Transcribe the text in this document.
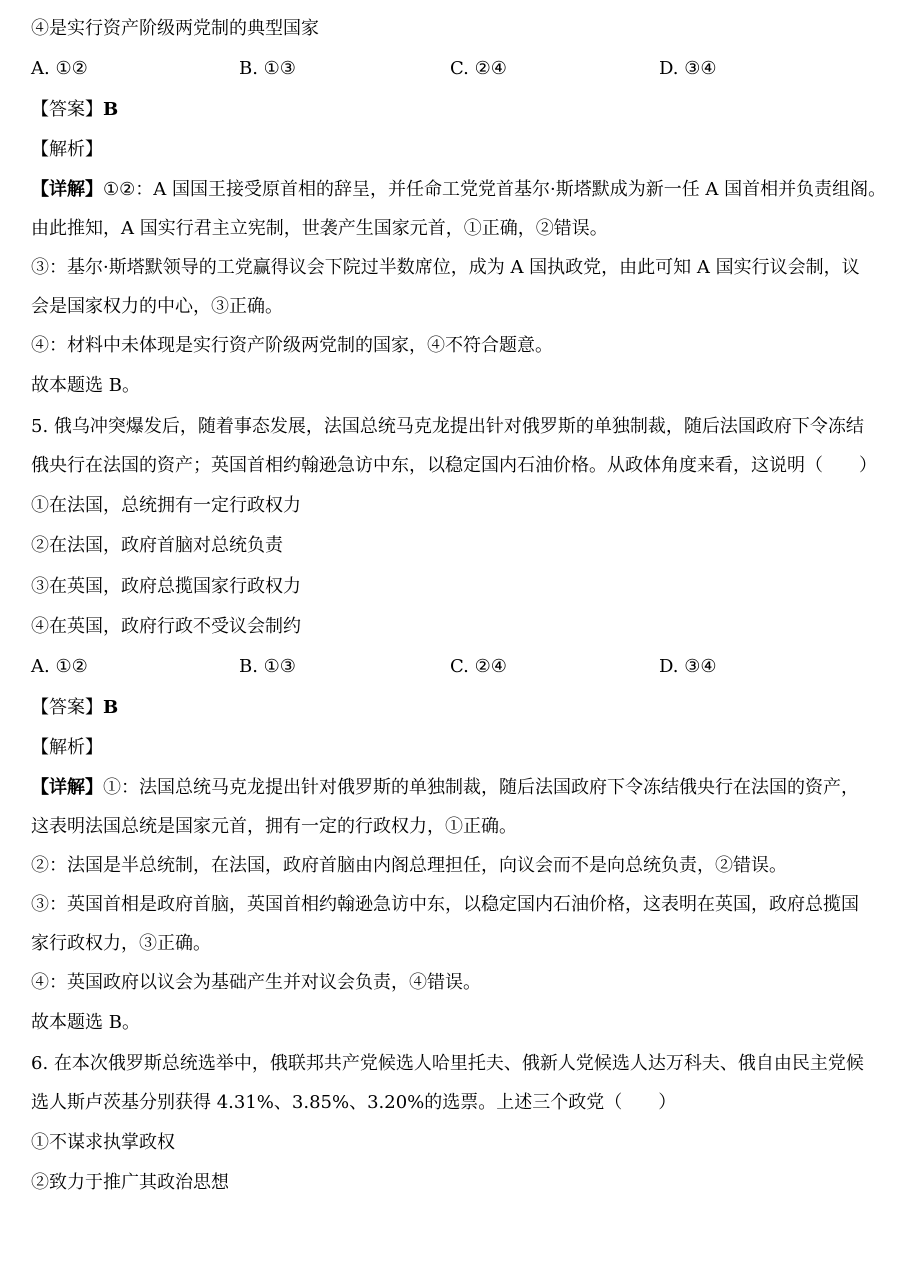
④是实行资产阶级两党制的典型国家
A. ①②	B. ①③	C. ②④	D. ③④
【答案】B
【解析】
【详解】①②：A 国国王接受原首相的辞呈，并任命工党党首基尔·斯塔默成为新一任 A 国首相并负责组阁。
由此推知，A 国实行君主立宪制，世袭产生国家元首，①正确，②错误。
③：基尔·斯塔默领导的工党赢得议会下院过半数席位，成为 A 国执政党，由此可知 A 国实行议会制，议
会是国家权力的中心，③正确。
④：材料中未体现是实行资产阶级两党制的国家，④不符合题意。
故本题选 B。
5. 俄乌冲突爆发后，随着事态发展，法国总统马克龙提出针对俄罗斯的单独制裁，随后法国政府下令冻结
俄央行在法国的资产；英国首相约翰逊急访中东，以稳定国内石油价格。从政体角度来看，这说明（　　）
①在法国，总统拥有一定行政权力
②在法国，政府首脑对总统负责
③在英国，政府总揽国家行政权力
④在英国，政府行政不受议会制约
A. ①②	B. ①③	C. ②④	D. ③④
【答案】B
【解析】
【详解】①：法国总统马克龙提出针对俄罗斯的单独制裁，随后法国政府下令冻结俄央行在法国的资产，
这表明法国总统是国家元首，拥有一定的行政权力，①正确。
②：法国是半总统制，在法国，政府首脑由内阁总理担任，向议会而不是向总统负责，②错误。
③：英国首相是政府首脑，英国首相约翰逊急访中东，以稳定国内石油价格，这表明在英国，政府总揽国
家行政权力，③正确。
④：英国政府以议会为基础产生并对议会负责，④错误。
故本题选 B。
6. 在本次俄罗斯总统选举中，俄联邦共产党候选人哈里托夫、俄新人党候选人达万科夫、俄自由民主党候
选人斯卢茨基分别获得 4.31%、3.85%、3.20%的选票。上述三个政党（　　）
①不谋求执掌政权
②致力于推广其政治思想
